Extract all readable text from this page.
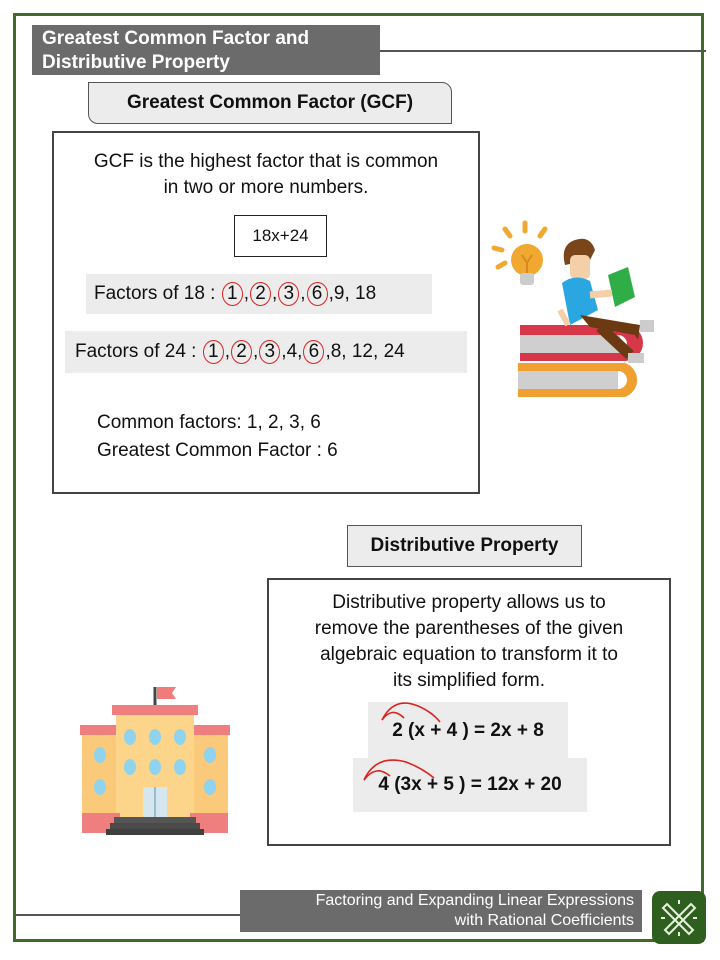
Greatest Common Factor and
Distributive Property
Greatest Common Factor (GCF)
GCF is the highest factor that is common
in two or more numbers.
18x+24
Factors of 18 :
1 , 2 , 3 , 6 ,9, 18
Factors of 24 :
1 , 2 , 3 ,4, 6 ,8, 12, 24
Common factors: 1, 2, 3, 6
Greatest Common Factor : 6
Distributive Property
Distributive property allows us to
remove the parentheses of the given
algebraic equation to transform it to
its simplified form.
2 (x + 4 ) = 2x + 8
4 (3x + 5 ) = 12x + 20
Factoring and Expanding Linear Expressions
with Rational Coefficients
